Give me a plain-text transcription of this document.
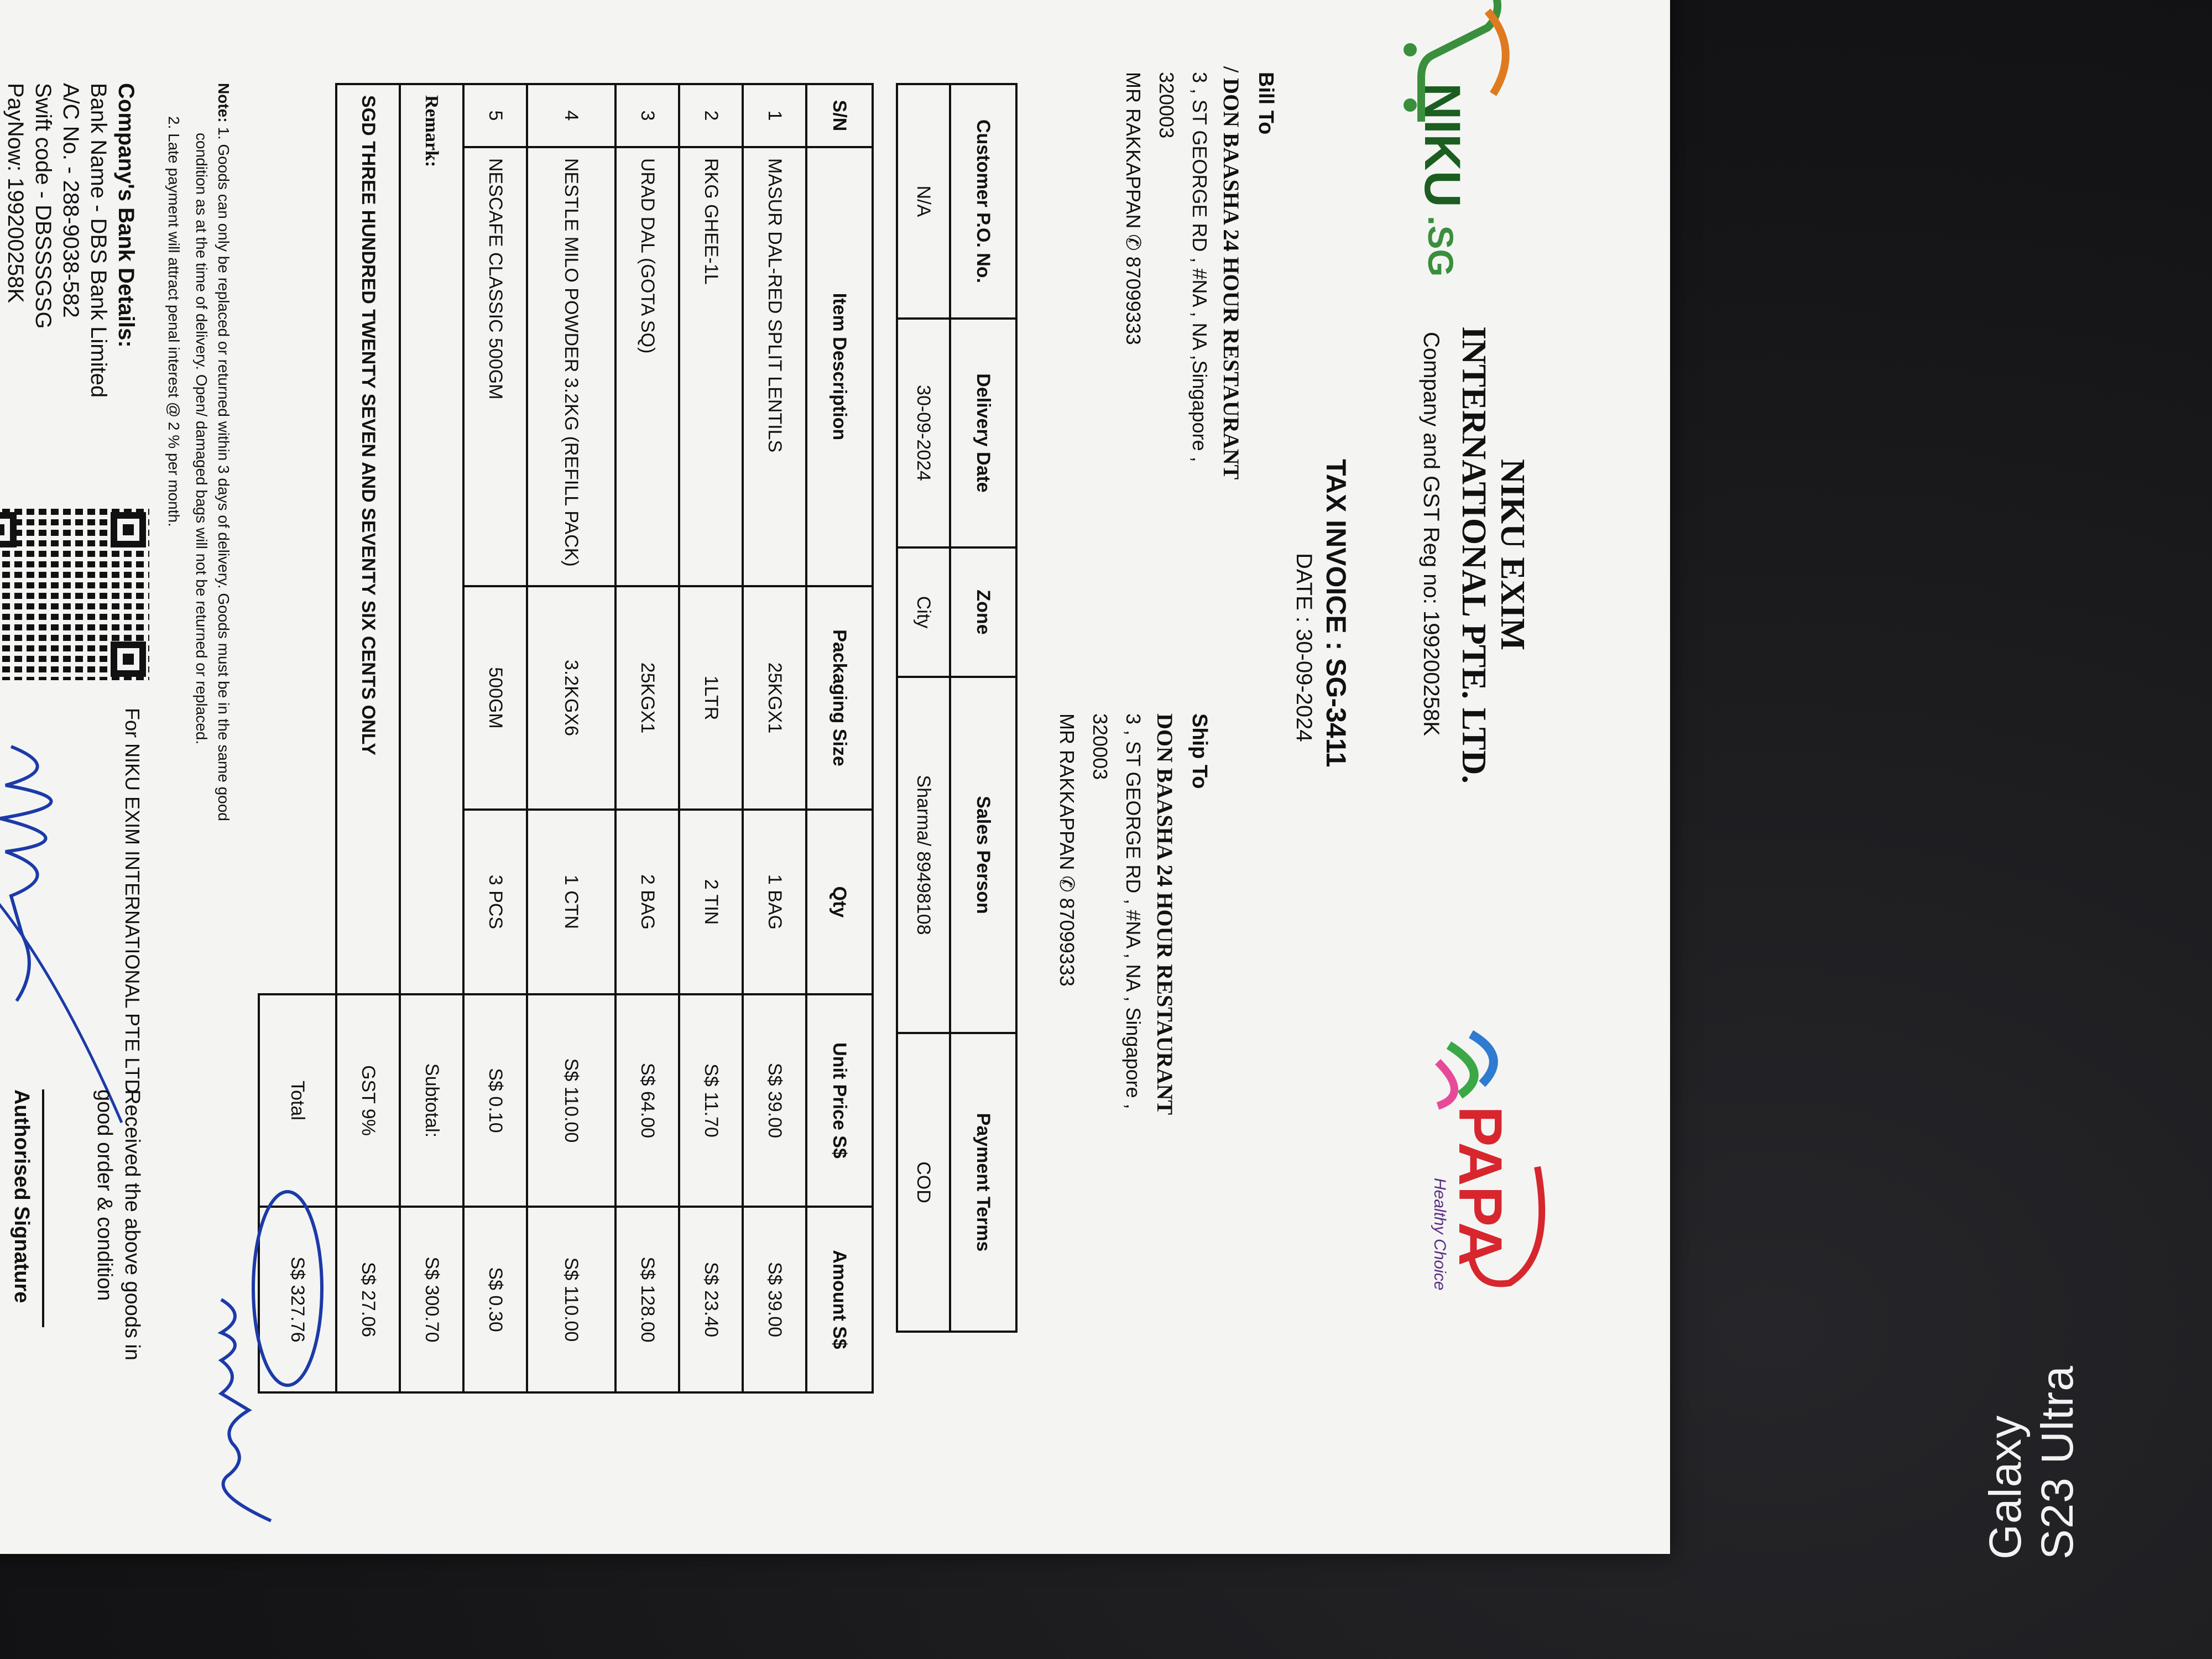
NIKU
.SG
NIKU EXIM
INTERNATIONAL PTE. LTD.
Company and GST Reg no: 199200258K
PAPA
Healthy Choice
TAX INVOICE : SG-3411
DATE : 30-09-2024
Bill To
/ DON BAASHA 24 HOUR RESTAURANT
3 , ST GEORGE RD , #NA , NA ,Singapore ,
320003
MR RAKKAPPAN ✆ 87099333
Ship To
DON BAASHA 24 HOUR RESTAURANT
3 , ST GEORGE RD , #NA , NA , Singapore ,
320003
MR RAKKAPPAN ✆ 87099333
Customer P.O. No.	Delivery Date	Zone	Sales Person	Payment Terms
N/A	30-09-2024	City	Sharma/ 89498108	COD
S/N	Item Description	Packaging Size	Qty	Unit Price S$	Amount S$
1	MASUR DAL-RED SPLIT LENTILS	25KGX1	1 BAG	S$ 39.00	S$ 39.00
2	RKG GHEE-1L	1LTR	2 TIN	S$ 11.70	S$ 23.40
3	URAD DAL (GOTA SQ)	25KGX1	2 BAG	S$ 64.00	S$ 128.00
4	NESTLE MILO POWDER 3.2KG (REFILL PACK)	3.2KGX6	1 CTN	S$ 110.00	S$ 110.00
5	NESCAFE CLASSIC 500GM	500GM	3 PCS	S$ 0.10	S$ 0.30
Remark:				Subtotal:	S$ 300.70
SGD THREE HUNDRED TWENTY SEVEN AND SEVENTY SIX CENTS ONLY				GST 9%	S$ 27.06
				Total	S$ 327.76
Note: 1. Goods can only be replaced or returned within 3 days of delivery. Goods must be in the same good
condition as at the time of delivery. Open/ damaged bags will not be returned or replaced.
2. Late payment will attract penal interest @ 2 % per month.
Company's Bank Details:
Bank Name - DBS Bank Limited
A/C No. - 288-9038-582
Swift code - DBSSSGSG
PayNow: 199200258K
For NIKU EXIM INTERNATIONAL PTE LTD
Received the above goods in
good order & condition
Authorised Signature
Galaxy S23 Ultra
